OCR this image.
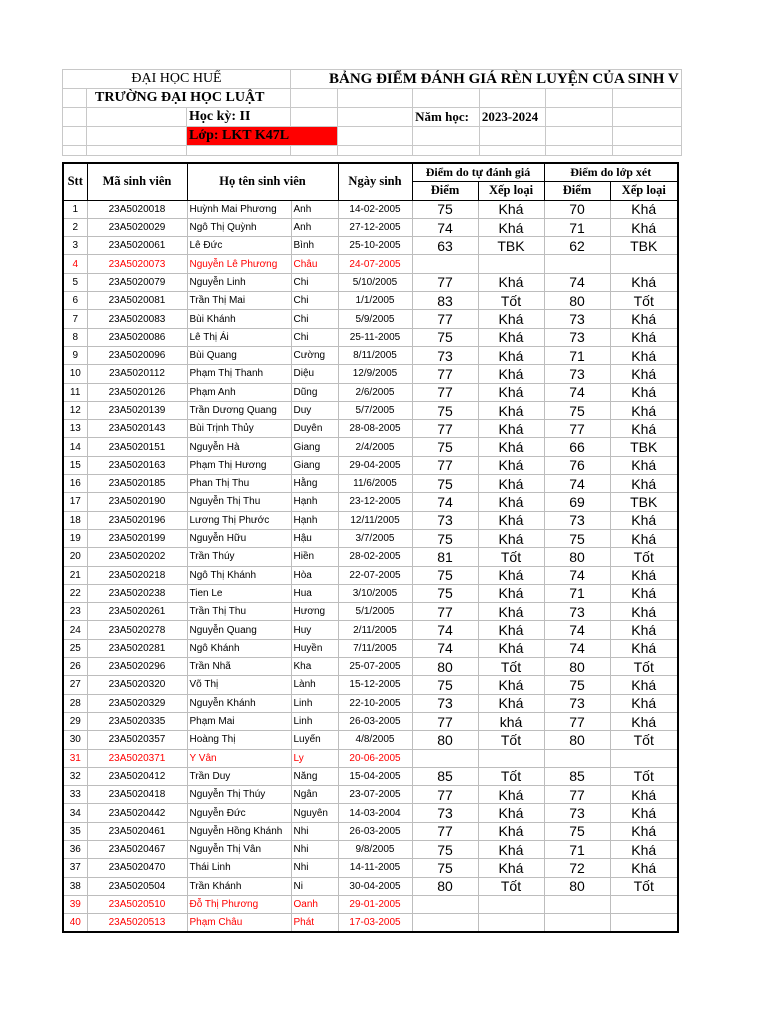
ĐẠI HỌC HUẾ			BẢNG ĐIỂM ĐÁNH GIÁ RÈN LUYỆN CỦA SINH V					
	TRƯỜNG ĐẠI HỌC LUẬT							
		Học kỳ: II			Năm học:	2023-2024		
		Lớp: LKT K47L						

Stt	Mã sinh viên	Họ tên sinh viên		Ngày sinh	Điểm do tự đánh giá		Điểm do lớp xét	
					Điểm	Xếp loại	Điểm	Xếp loại
1	23A5020018	Huỳnh Mai Phương	Anh	14-02-2005	75	Khá	70	Khá
2	23A5020029	Ngô Thị Quỳnh	Anh	27-12-2005	74	Khá	71	Khá
3	23A5020061	Lê Đức	Bình	25-10-2005	63	TBK	62	TBK
4	23A5020073	Nguyễn Lê Phương	Châu	24-07-2005				
5	23A5020079	Nguyễn Linh	Chi	5/10/2005	77	Khá	74	Khá
6	23A5020081	Trần Thị Mai	Chi	1/1/2005	83	Tốt	80	Tốt
7	23A5020083	Bùi Khánh	Chi	5/9/2005	77	Khá	73	Khá
8	23A5020086	Lê Thị Ái	Chi	25-11-2005	75	Khá	73	Khá
9	23A5020096	Bùi Quang	Cường	8/11/2005	73	Khá	71	Khá
10	23A5020112	Phạm Thị Thanh	Diệu	12/9/2005	77	Khá	73	Khá
11	23A5020126	Phạm Anh	Dũng	2/6/2005	77	Khá	74	Khá
12	23A5020139	Trần Dương Quang	Duy	5/7/2005	75	Khá	75	Khá
13	23A5020143	Bùi Trịnh Thủy	Duyên	28-08-2005	77	Khá	77	Khá
14	23A5020151	Nguyễn Hà	Giang	2/4/2005	75	Khá	66	TBK
15	23A5020163	Phạm Thị Hương	Giang	29-04-2005	77	Khá	76	Khá
16	23A5020185	Phan Thị Thu	Hằng	11/6/2005	75	Khá	74	Khá
17	23A5020190	Nguyễn Thị Thu	Hạnh	23-12-2005	74	Khá	69	TBK
18	23A5020196	Lương Thị Phước	Hạnh	12/11/2005	73	Khá	73	Khá
19	23A5020199	Nguyễn Hữu	Hậu	3/7/2005	75	Khá	75	Khá
20	23A5020202	Trần Thúy	Hiền	28-02-2005	81	Tốt	80	Tốt
21	23A5020218	Ngô Thị Khánh	Hòa	22-07-2005	75	Khá	74	Khá
22	23A5020238	Tien Le	Hua	3/10/2005	75	Khá	71	Khá
23	23A5020261	Trần Thị Thu	Hương	5/1/2005	77	Khá	73	Khá
24	23A5020278	Nguyễn Quang	Huy	2/11/2005	74	Khá	74	Khá
25	23A5020281	Ngô Khánh	Huyền	7/11/2005	74	Khá	74	Khá
26	23A5020296	Trần Nhã	Kha	25-07-2005	80	Tốt	80	Tốt
27	23A5020320	Võ Thị	Lành	15-12-2005	75	Khá	75	Khá
28	23A5020329	Nguyễn Khánh	Linh	22-10-2005	73	Khá	73	Khá
29	23A5020335	Phạm Mai	Linh	26-03-2005	77	khá	77	Khá
30	23A5020357	Hoàng Thị	Luyến	4/8/2005	80	Tốt	80	Tốt
31	23A5020371	Y Vân	Ly	20-06-2005				
32	23A5020412	Trần Duy	Năng	15-04-2005	85	Tốt	85	Tốt
33	23A5020418	Nguyễn Thị Thúy	Ngân	23-07-2005	77	Khá	77	Khá
34	23A5020442	Nguyễn Đức	Nguyên	14-03-2004	73	Khá	73	Khá
35	23A5020461	Nguyễn Hồng Khánh	Nhi	26-03-2005	77	Khá	75	Khá
36	23A5020467	Nguyễn Thị Vân	Nhi	9/8/2005	75	Khá	71	Khá
37	23A5020470	Thái Linh	Nhi	14-11-2005	75	Khá	72	Khá
38	23A5020504	Trần Khánh	Ni	30-04-2005	80	Tốt	80	Tốt
39	23A5020510	Đỗ Thị Phương	Oanh	29-01-2005				
40	23A5020513	Phạm Châu	Phát	17-03-2005				
